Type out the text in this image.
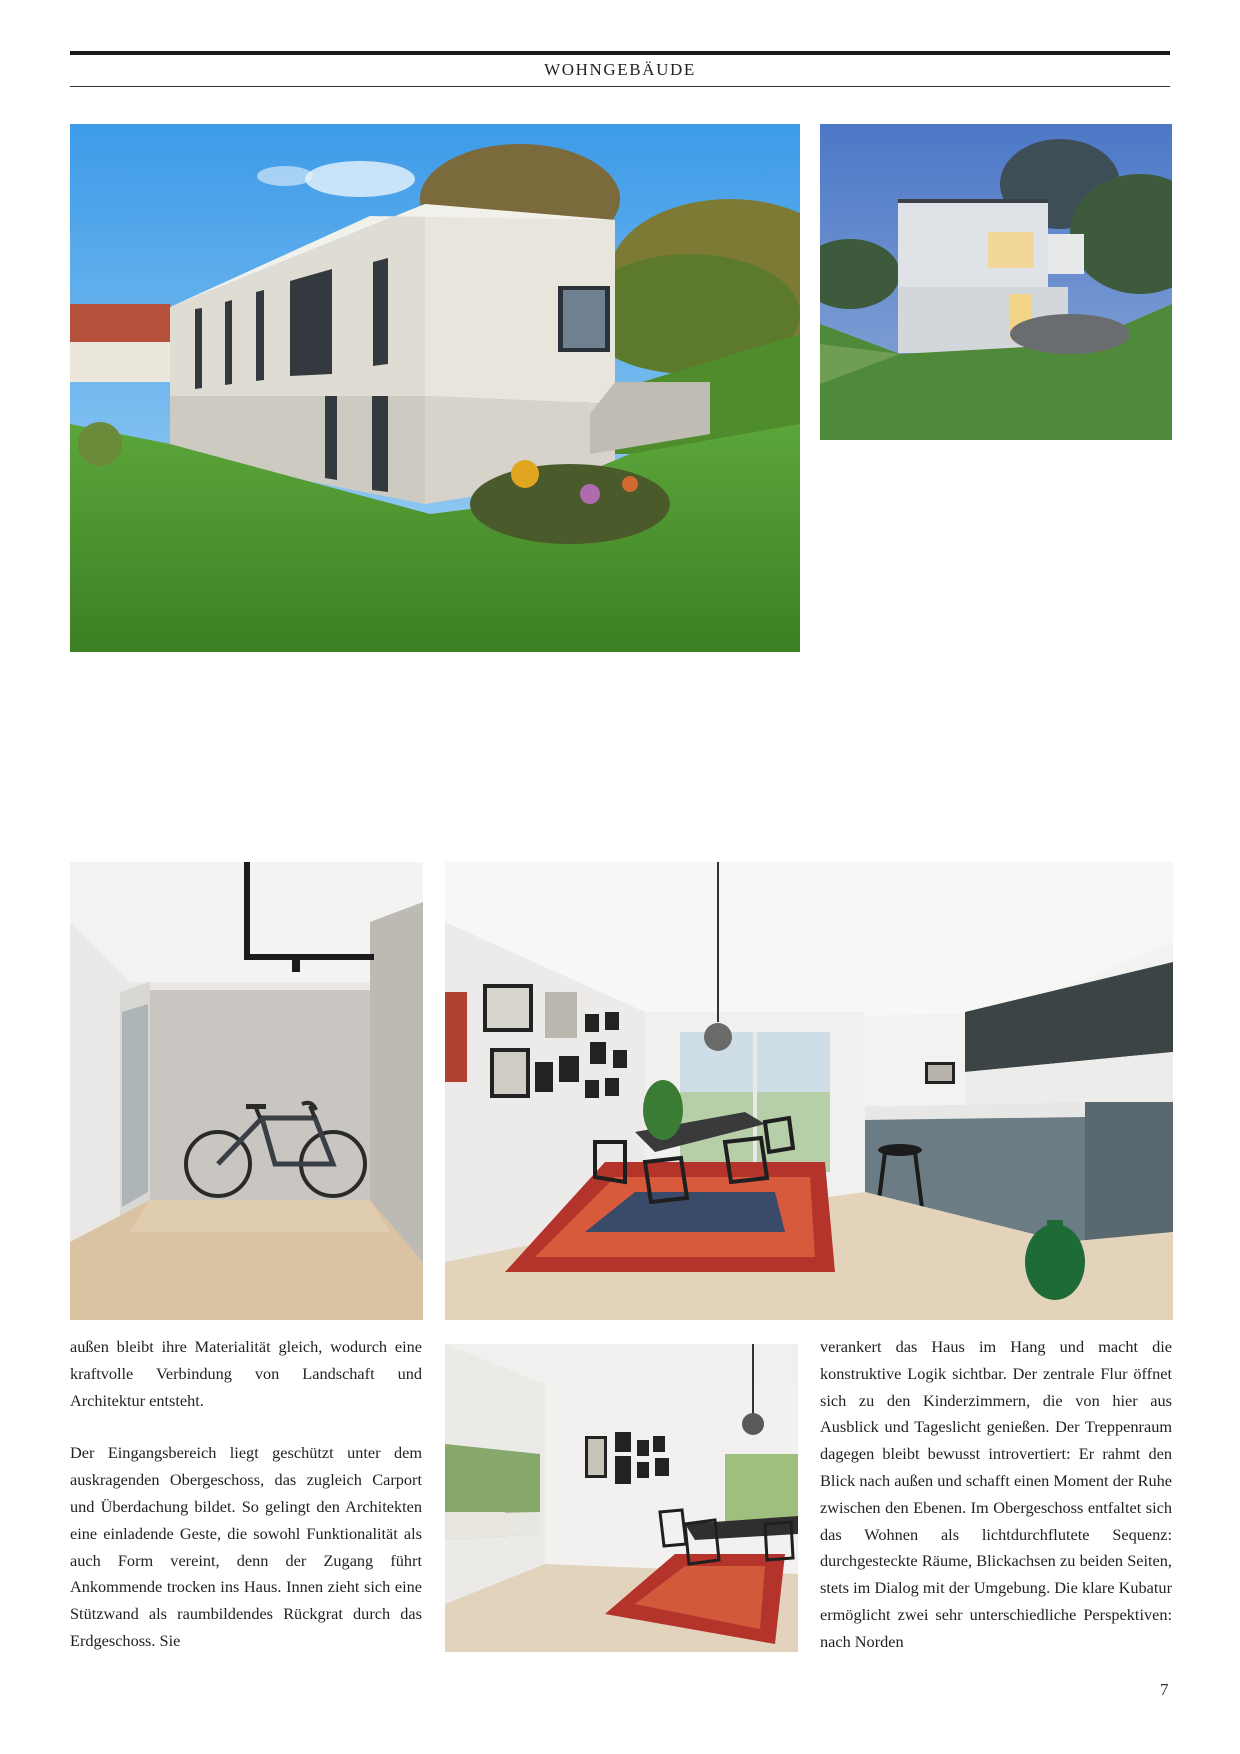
WOHNGEBÄUDE

außen bleibt ihre Materialität gleich, wodurch eine kraftvolle Verbindung von Landschaft und Architektur entsteht.

Der Eingangsbereich liegt geschützt unter dem auskragenden Obergeschoss, das zugleich Carport und Überdachung bildet. So gelingt den Architekten eine einladende Geste, die sowohl Funktionalität als auch Form vereint, denn der Zugang führt Ankommende trocken ins Haus. Innen zieht sich eine Stützwand als raumbildendes Rückgrat durch das Erdgeschoss. Sie

verankert das Haus im Hang und macht die konstruktive Logik sichtbar. Der zentrale Flur öffnet sich zu den Kinderzimmern, die von hier aus Ausblick und Tageslicht genießen. Der Treppenraum dagegen bleibt bewusst introvertiert: Er rahmt den Blick nach außen und schafft einen Moment der Ruhe zwischen den Ebenen. Im Obergeschoss entfaltet sich das Wohnen als lichtdurchflutete Sequenz: durchgesteckte Räume, Blickachsen zu beiden Seiten, stets im Dialog mit der Umgebung. Die klare Kubatur ermöglicht zwei sehr unterschiedliche Perspektiven: nach Norden

7
